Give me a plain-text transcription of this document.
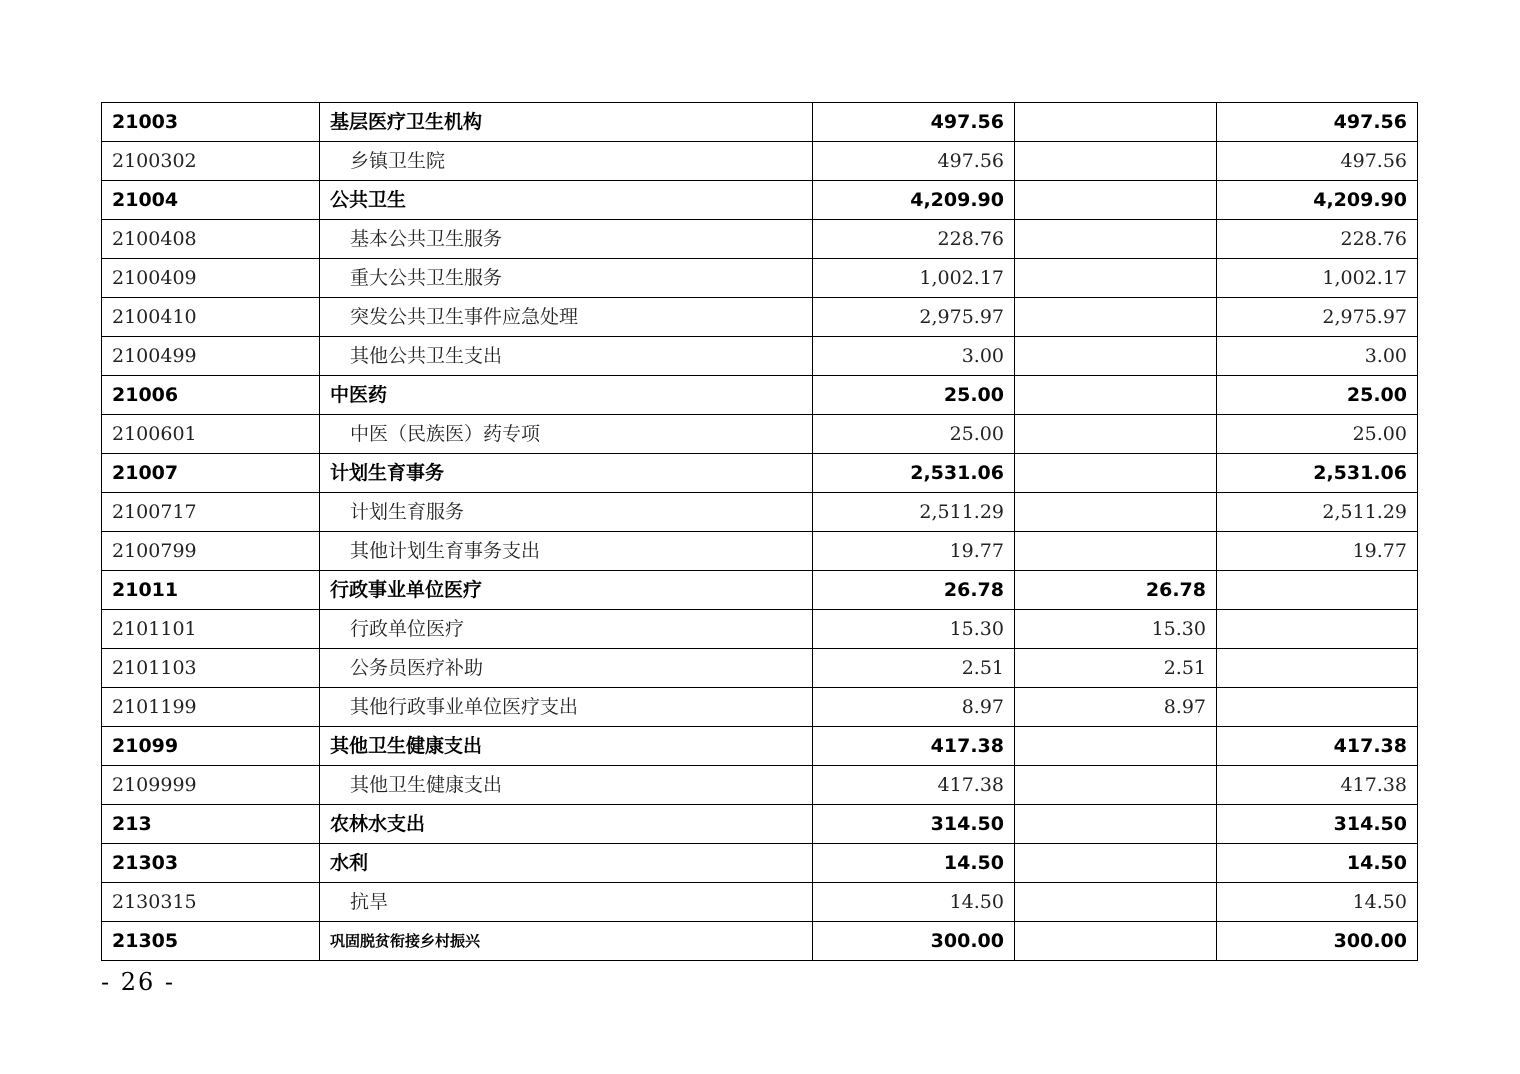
21003	基层医疗卫生机构	497.56		497.56
2100302	乡镇卫生院	497.56		497.56
21004	公共卫生	4,209.90		4,209.90
2100408	基本公共卫生服务	228.76		228.76
2100409	重大公共卫生服务	1,002.17		1,002.17
2100410	突发公共卫生事件应急处理	2,975.97		2,975.97
2100499	其他公共卫生支出	3.00		3.00
21006	中医药	25.00		25.00
2100601	中医（民族医）药专项	25.00		25.00
21007	计划生育事务	2,531.06		2,531.06
2100717	计划生育服务	2,511.29		2,511.29
2100799	其他计划生育事务支出	19.77		19.77
21011	行政事业单位医疗	26.78	26.78	
2101101	行政单位医疗	15.30	15.30	
2101103	公务员医疗补助	2.51	2.51	
2101199	其他行政事业单位医疗支出	8.97	8.97	
21099	其他卫生健康支出	417.38		417.38
2109999	其他卫生健康支出	417.38		417.38
213	农林水支出	314.50		314.50
21303	水利	14.50		14.50
2130315	抗旱	14.50		14.50
21305	巩固脱贫衔接乡村振兴	300.00		300.00
- 26 -
